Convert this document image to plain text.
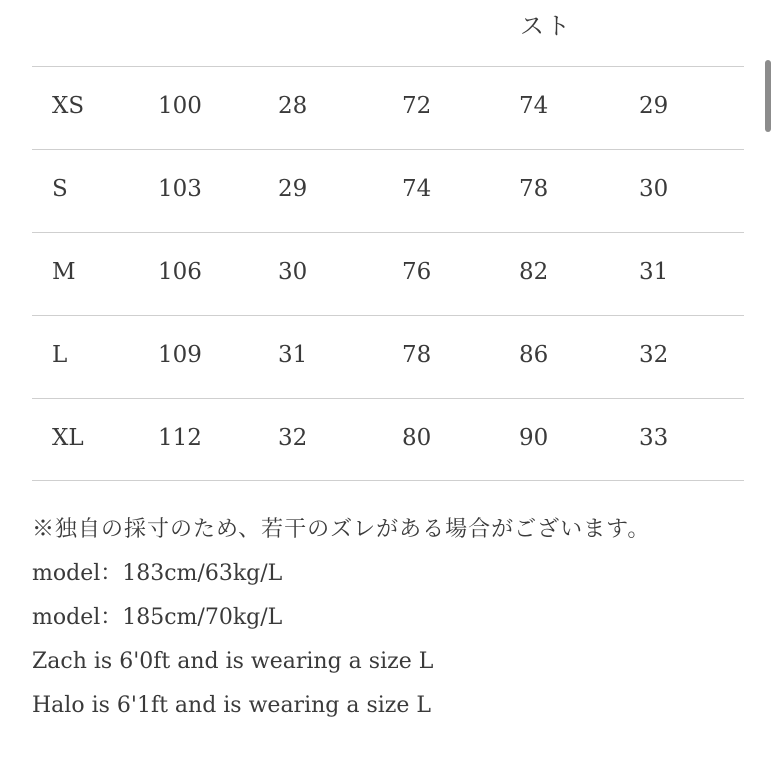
スト
XS	100	28	72	74	29
S	103	29	74	78	30
M	106	30	76	82	31
L	109	31	78	86	32
XL	112	32	80	90	33
※独自の採寸のため、若干のズレがある場合がございます。
model：183cm/63kg/L
model：185cm/70kg/L
Zach is 6'0ft and is wearing a size L
Halo is 6'1ft and is wearing a size L
